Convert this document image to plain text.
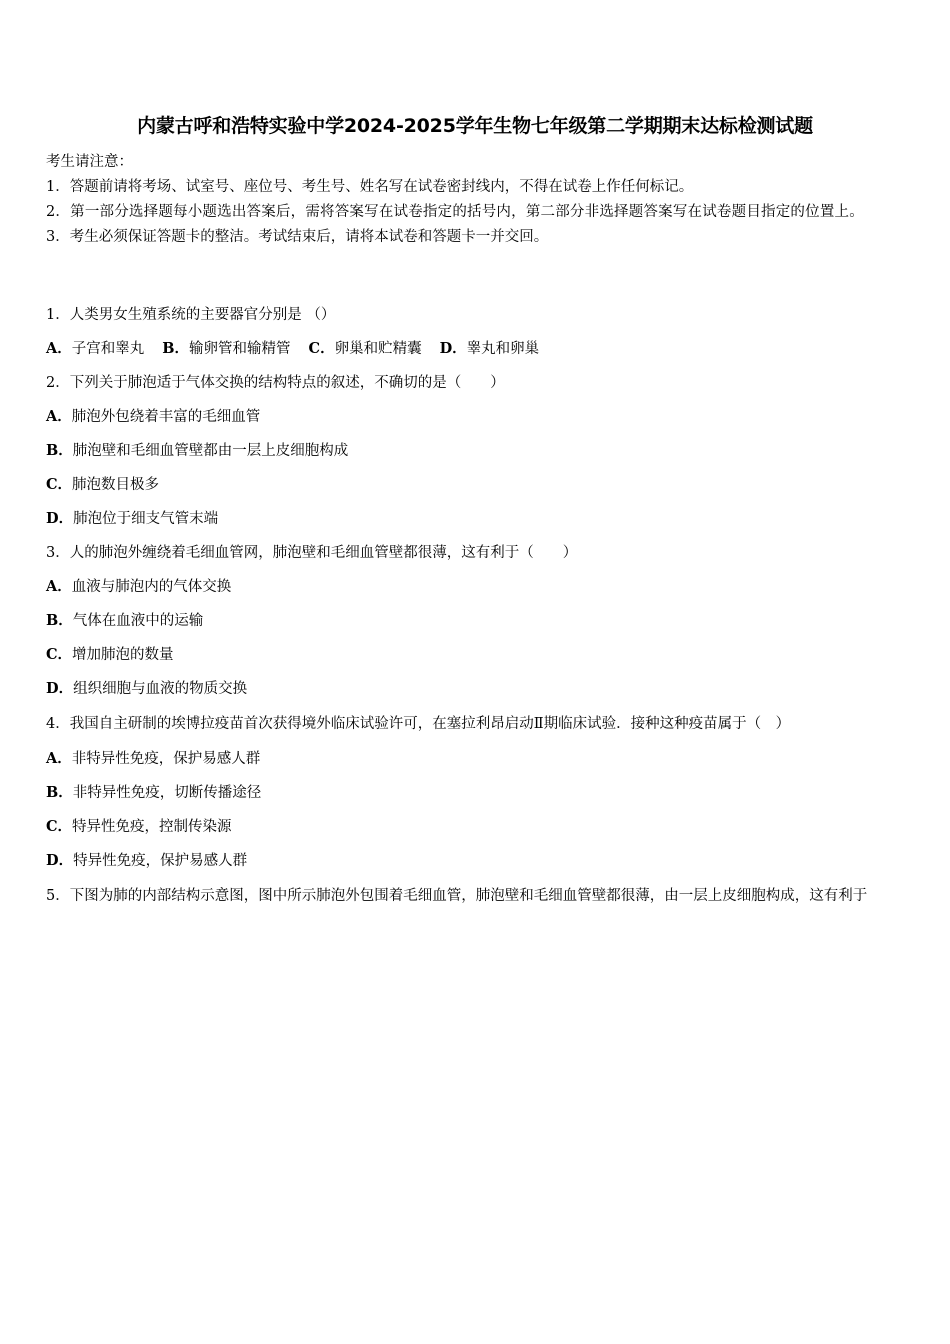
内蒙古呼和浩特实验中学2024-2025学年生物七年级第二学期期末达标检测试题
考生请注意：
1．答题前请将考场、试室号、座位号、考生号、姓名写在试卷密封线内，不得在试卷上作任何标记。
2．第一部分选择题每小题选出答案后，需将答案写在试卷指定的括号内，第二部分非选择题答案写在试卷题目指定的位置上。
3．考生必须保证答题卡的整洁。考试结束后，请将本试卷和答题卡一并交回。
1．人类男女生殖系统的主要器官分别是 （）
A．子宫和睾丸 B．输卵管和输精管 C．卵巢和贮精囊 D．睾丸和卵巢
2．下列关于肺泡适于气体交换的结构特点的叙述，不确切的是（　　）
A．肺泡外包绕着丰富的毛细血管
B．肺泡壁和毛细血管壁都由一层上皮细胞构成
C．肺泡数目极多
D．肺泡位于细支气管末端
3．人的肺泡外缠绕着毛细血管网，肺泡壁和毛细血管壁都很薄，这有利于（　　）
A．血液与肺泡内的气体交换
B．气体在血液中的运输
C．增加肺泡的数量
D．组织细胞与血液的物质交换
4．我国自主研制的埃博拉疫苗首次获得境外临床试验许可，在塞拉利昂启动Ⅱ期临床试验．接种这种疫苗属于（　）
A．非特异性免疫，保护易感人群
B．非特异性免疫，切断传播途径
C．特异性免疫，控制传染源
D．特异性免疫，保护易感人群
5．下图为肺的内部结构示意图，图中所示肺泡外包围着毛细血管，肺泡壁和毛细血管壁都很薄，由一层上皮细胞构成，这有利于
